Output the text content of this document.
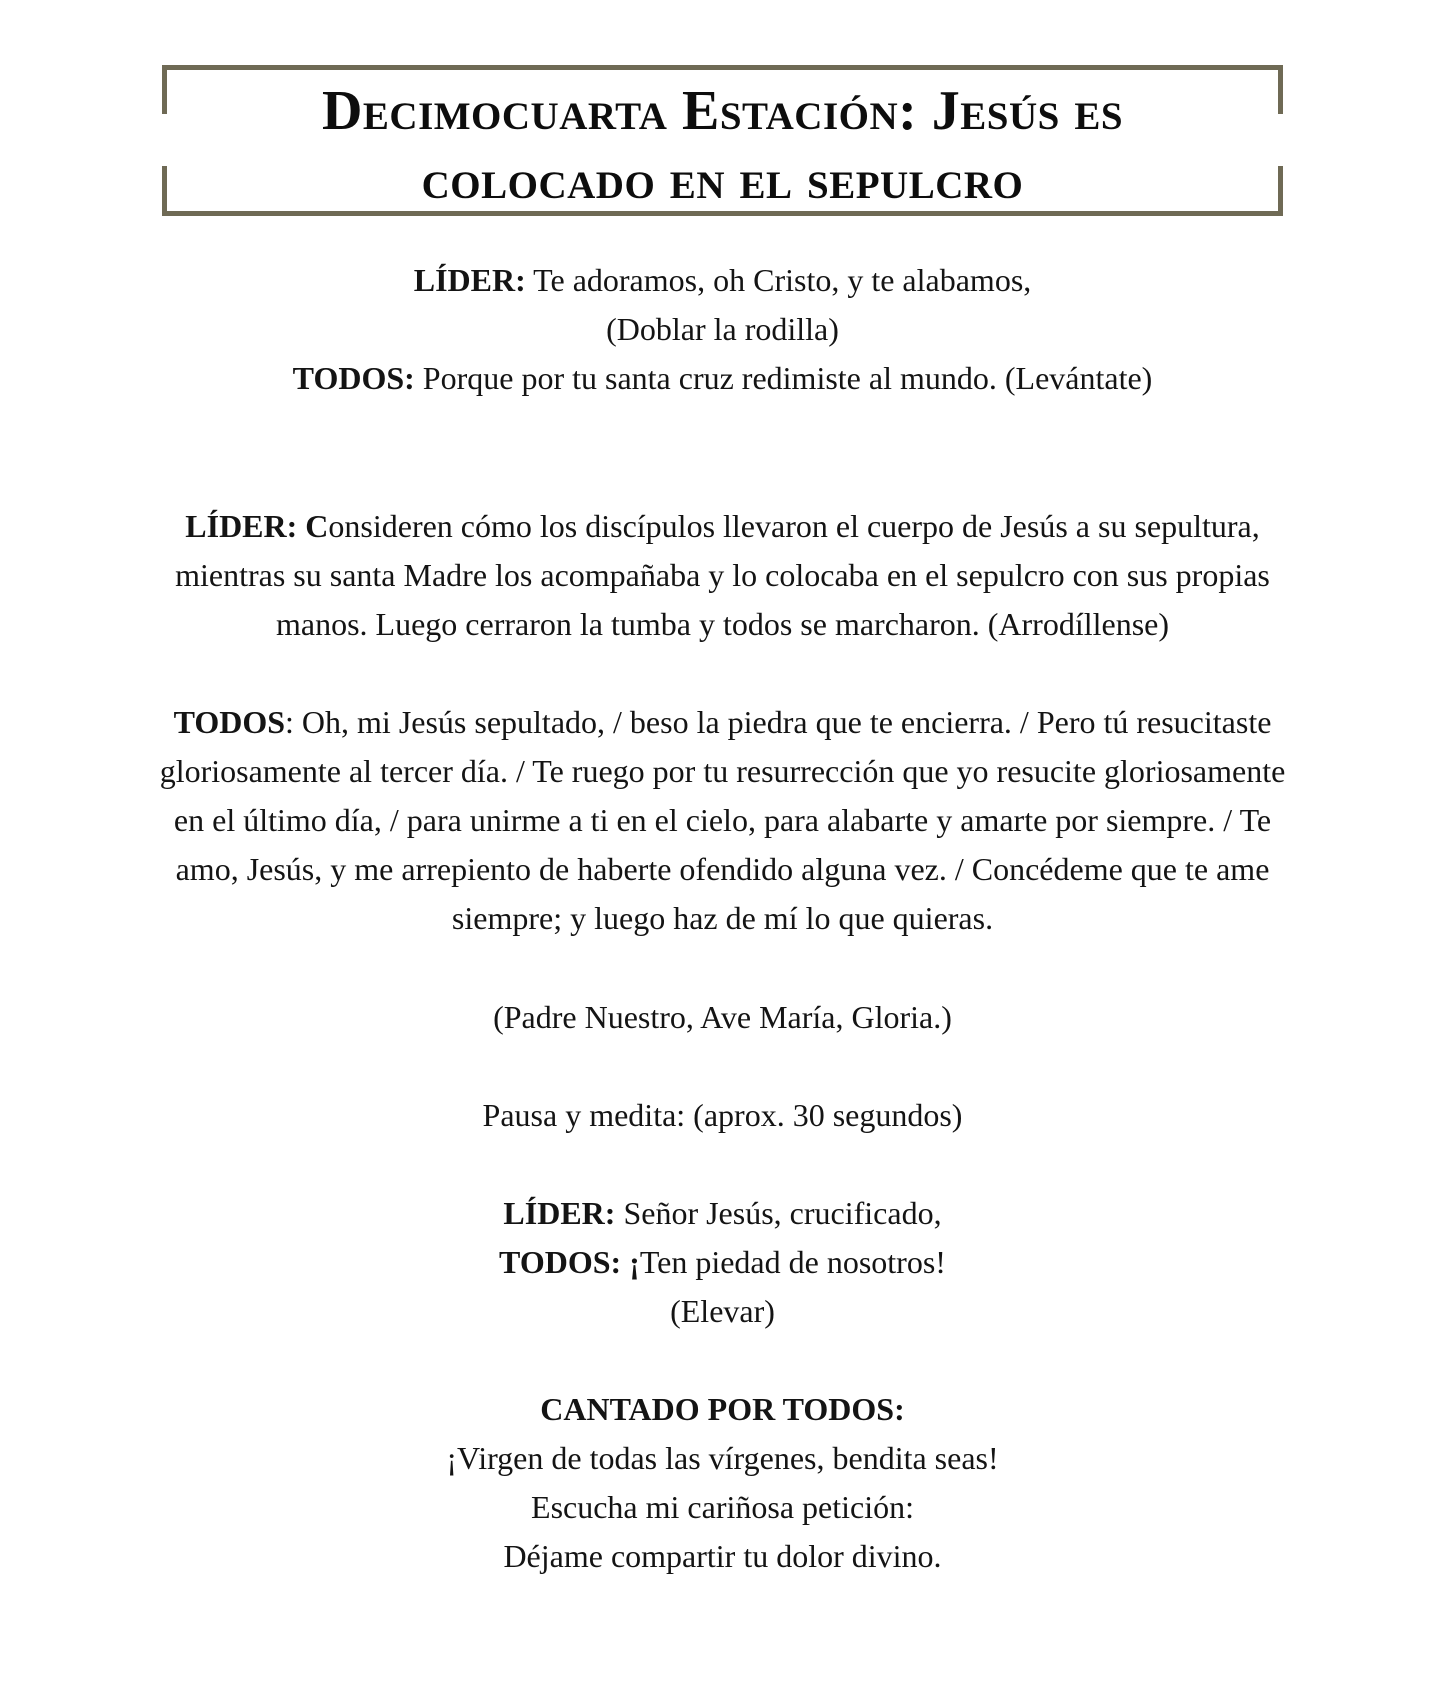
Decimocuarta Estación: Jesús es
colocado en el sepulcro
LÍDER: Te adoramos, oh Cristo, y te alabamos,
(Doblar la rodilla)
TODOS: Porque por tu santa cruz redimiste al mundo. (Levántate)
LÍDER: Consideren cómo los discípulos llevaron el cuerpo de Jesús a su sepultura,
mientras su santa Madre los acompañaba y lo colocaba en el sepulcro con sus propias
manos. Luego cerraron la tumba y todos se marcharon. (Arrodíllense)
TODOS: Oh, mi Jesús sepultado, / beso la piedra que te encierra. / Pero tú resucitaste
gloriosamente al tercer día. / Te ruego por tu resurrección que yo resucite gloriosamente
en el último día, / para unirme a ti en el cielo, para alabarte y amarte por siempre. / Te
amo, Jesús, y me arrepiento de haberte ofendido alguna vez. / Concédeme que te ame
siempre; y luego haz de mí lo que quieras.
(Padre Nuestro, Ave María, Gloria.)
Pausa y medita: (aprox. 30 segundos)
LÍDER: Señor Jesús, crucificado,
TODOS: ¡Ten piedad de nosotros!
(Elevar)
CANTADO POR TODOS:
¡Virgen de todas las vírgenes, bendita seas!
Escucha mi cariñosa petición:
Déjame compartir tu dolor divino.
